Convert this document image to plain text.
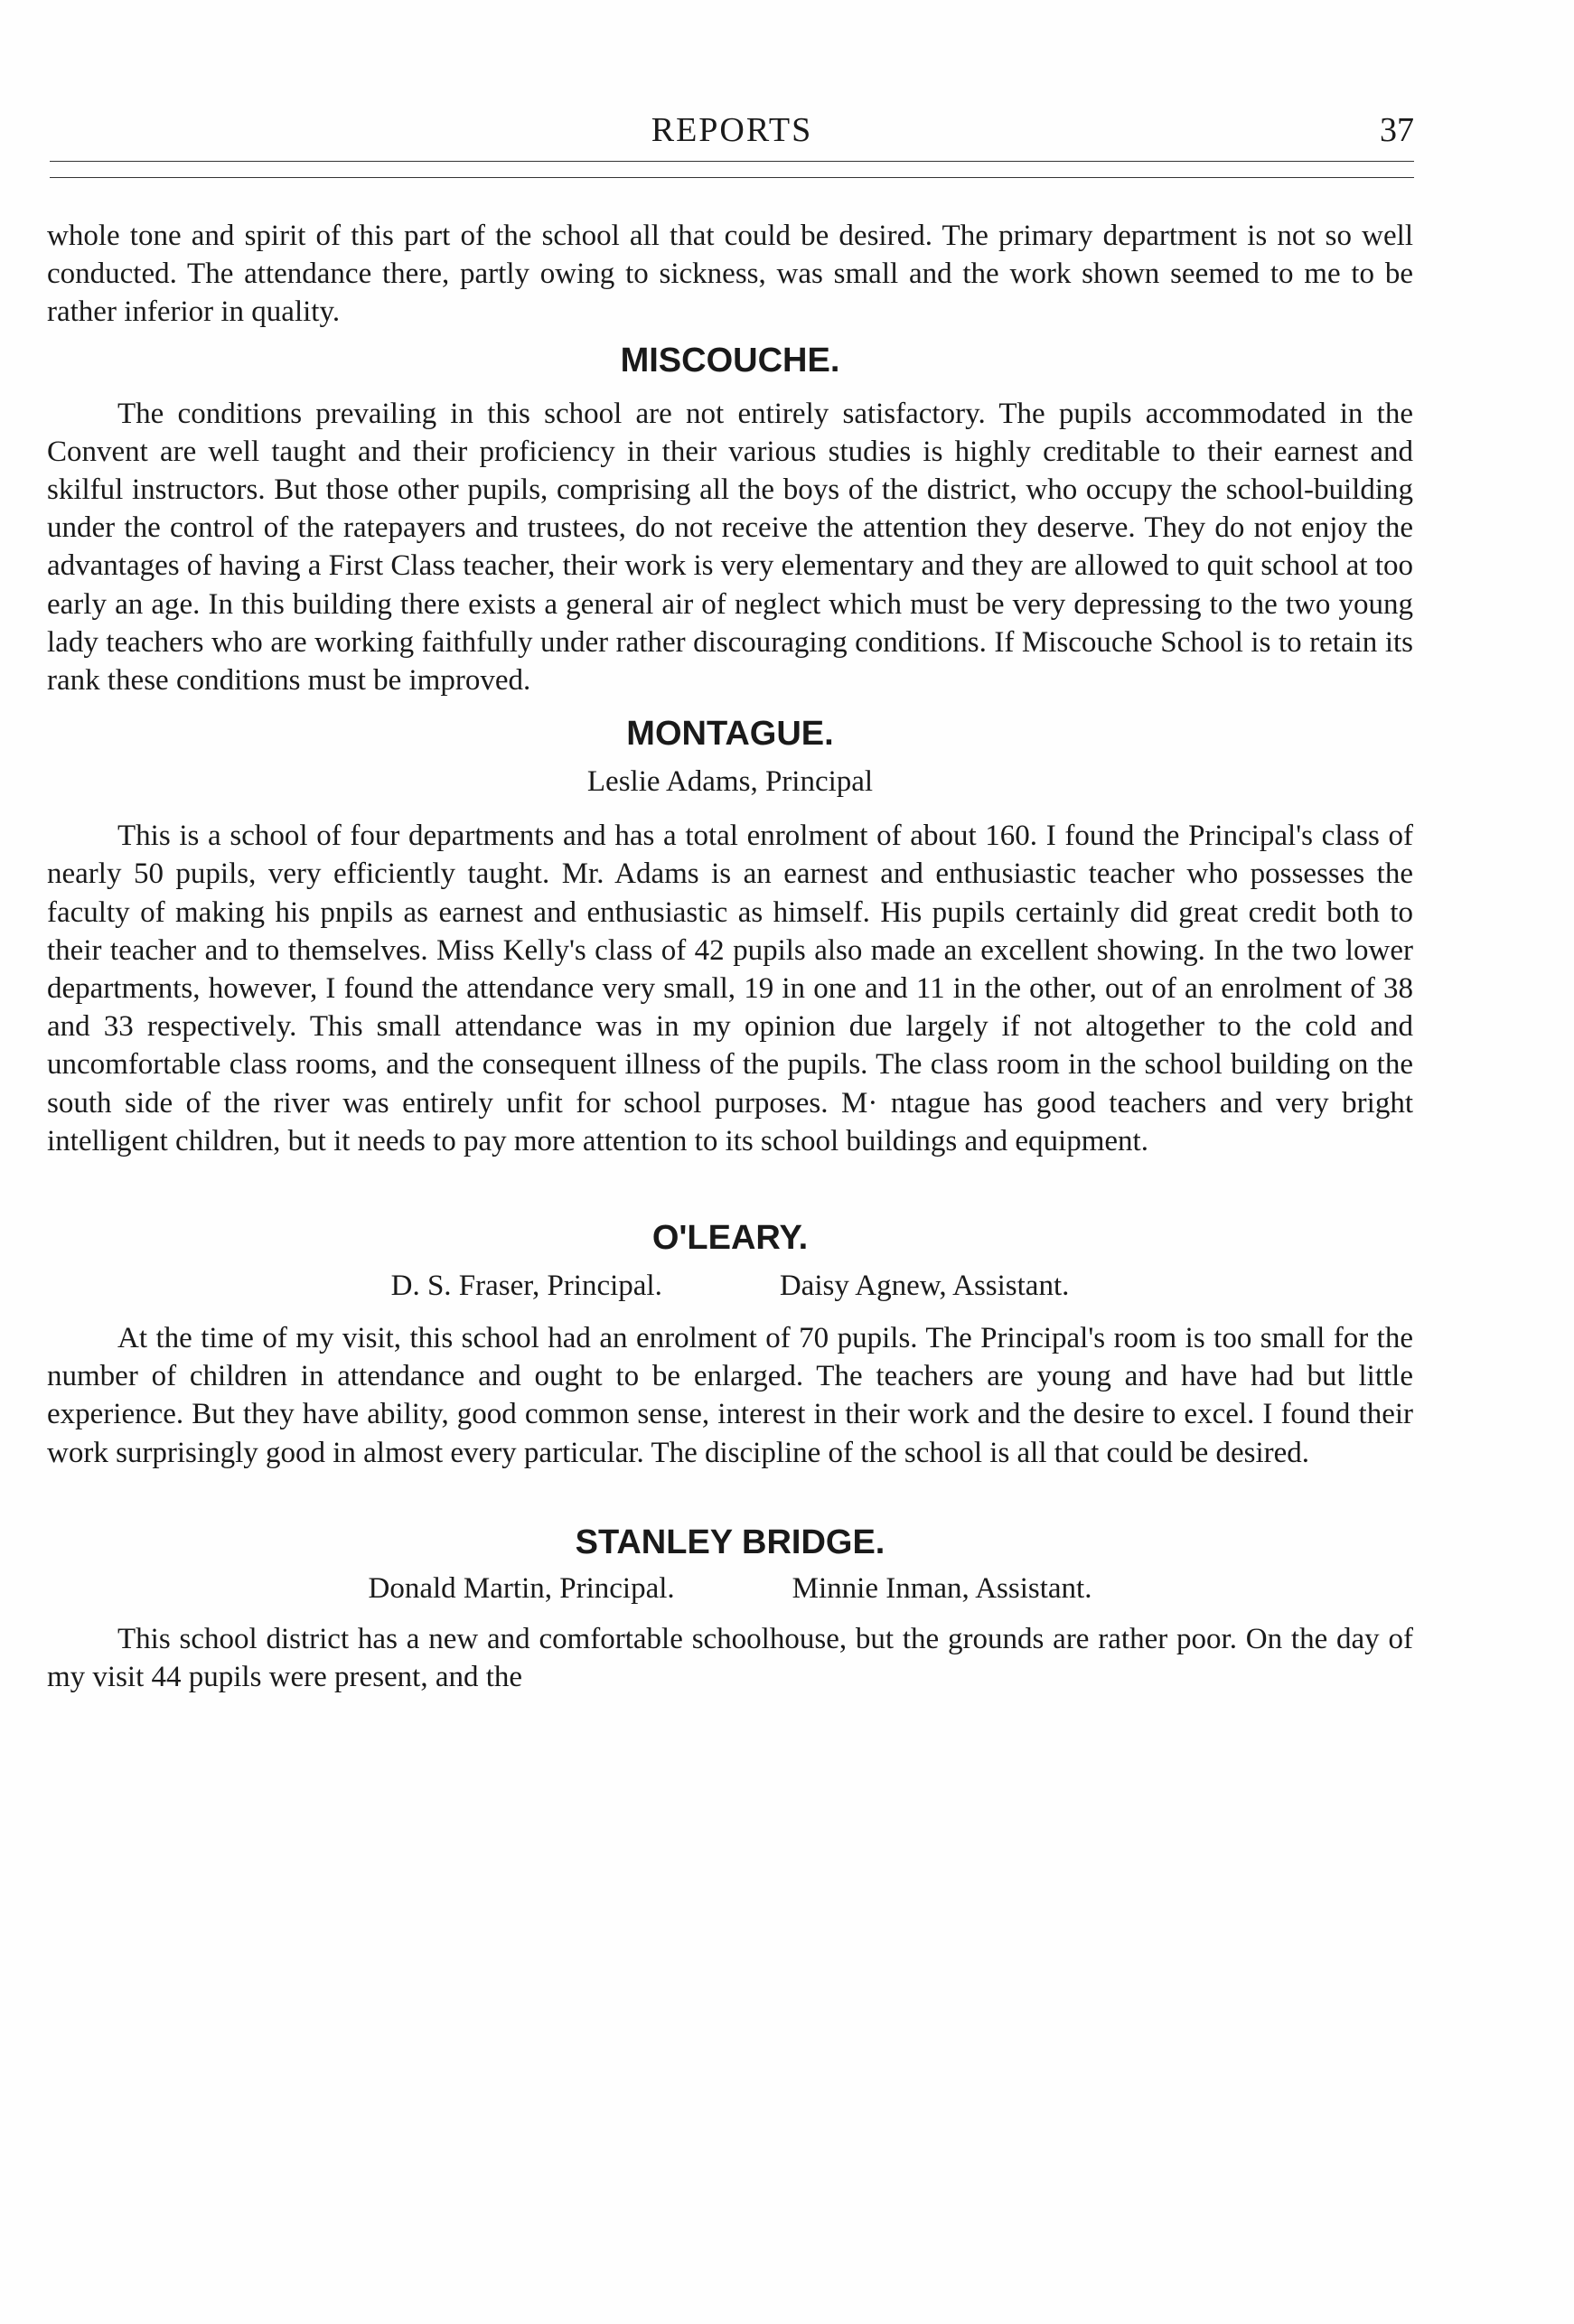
REPORTS	37

whole tone and spirit of this part of the school all that could be desired. The primary department is not so well conducted. The attendance there, partly owing to sickness, was small and the work shown seemed to me to be rather inferior in quality.

MISCOUCHE.

The conditions prevailing in this school are not entirely satisfactory. The pupils accommodated in the Convent are well taught and their proficiency in their various studies is highly creditable to their earnest and skilful instructors. But those other pupils, comprising all the boys of the district, who occupy the school-building under the control of the ratepayers and trustees, do not receive the attention they deserve. They do not enjoy the advantages of having a First Class teacher, their work is very elementary and they are allowed to quit school at too early an age. In this building there exists a general air of neglect which must be very depressing to the two young lady teachers who are working faithfully under rather discouraging conditions. If Miscouche School is to retain its rank these conditions must be improved.

MONTAGUE.

Leslie Adams, Principal

This is a school of four departments and has a total enrolment of about 160. I found the Principal's class of nearly 50 pupils, very efficiently taught. Mr. Adams is an earnest and enthusiastic teacher who possesses the faculty of making his pnpils as earnest and enthusiastic as himself. His pupils certainly did great credit both to their teacher and to themselves. Miss Kelly's class of 42 pupils also made an excellent showing. In the two lower departments, however, I found the attendance very small, 19 in one and 11 in the other, out of an enrolment of 38 and 33 respectively. This small attendance was in my opinion due largely if not altogether to the cold and uncomfortable class rooms, and the consequent illness of the pupils. The class room in the school building on the south side of the river was entirely unfit for school purposes. M· ntague has good teachers and very bright intelligent children, but it needs to pay more attention to its school buildings and equipment.

O'LEARY.

D. S. Fraser, Principal.	Daisy Agnew, Assistant.

At the time of my visit, this school had an enrolment of 70 pupils. The Principal's room is too small for the number of children in attendance and ought to be enlarged. The teachers are young and have had but little experience. But they have ability, good common sense, interest in their work and the desire to excel. I found their work surprisingly good in almost every particular. The discipline of the school is all that could be desired.

STANLEY BRIDGE.

Donald Martin, Principal.	Minnie Inman, Assistant.

This school district has a new and comfortable schoolhouse, but the grounds are rather poor. On the day of my visit 44 pupils were present, and the
